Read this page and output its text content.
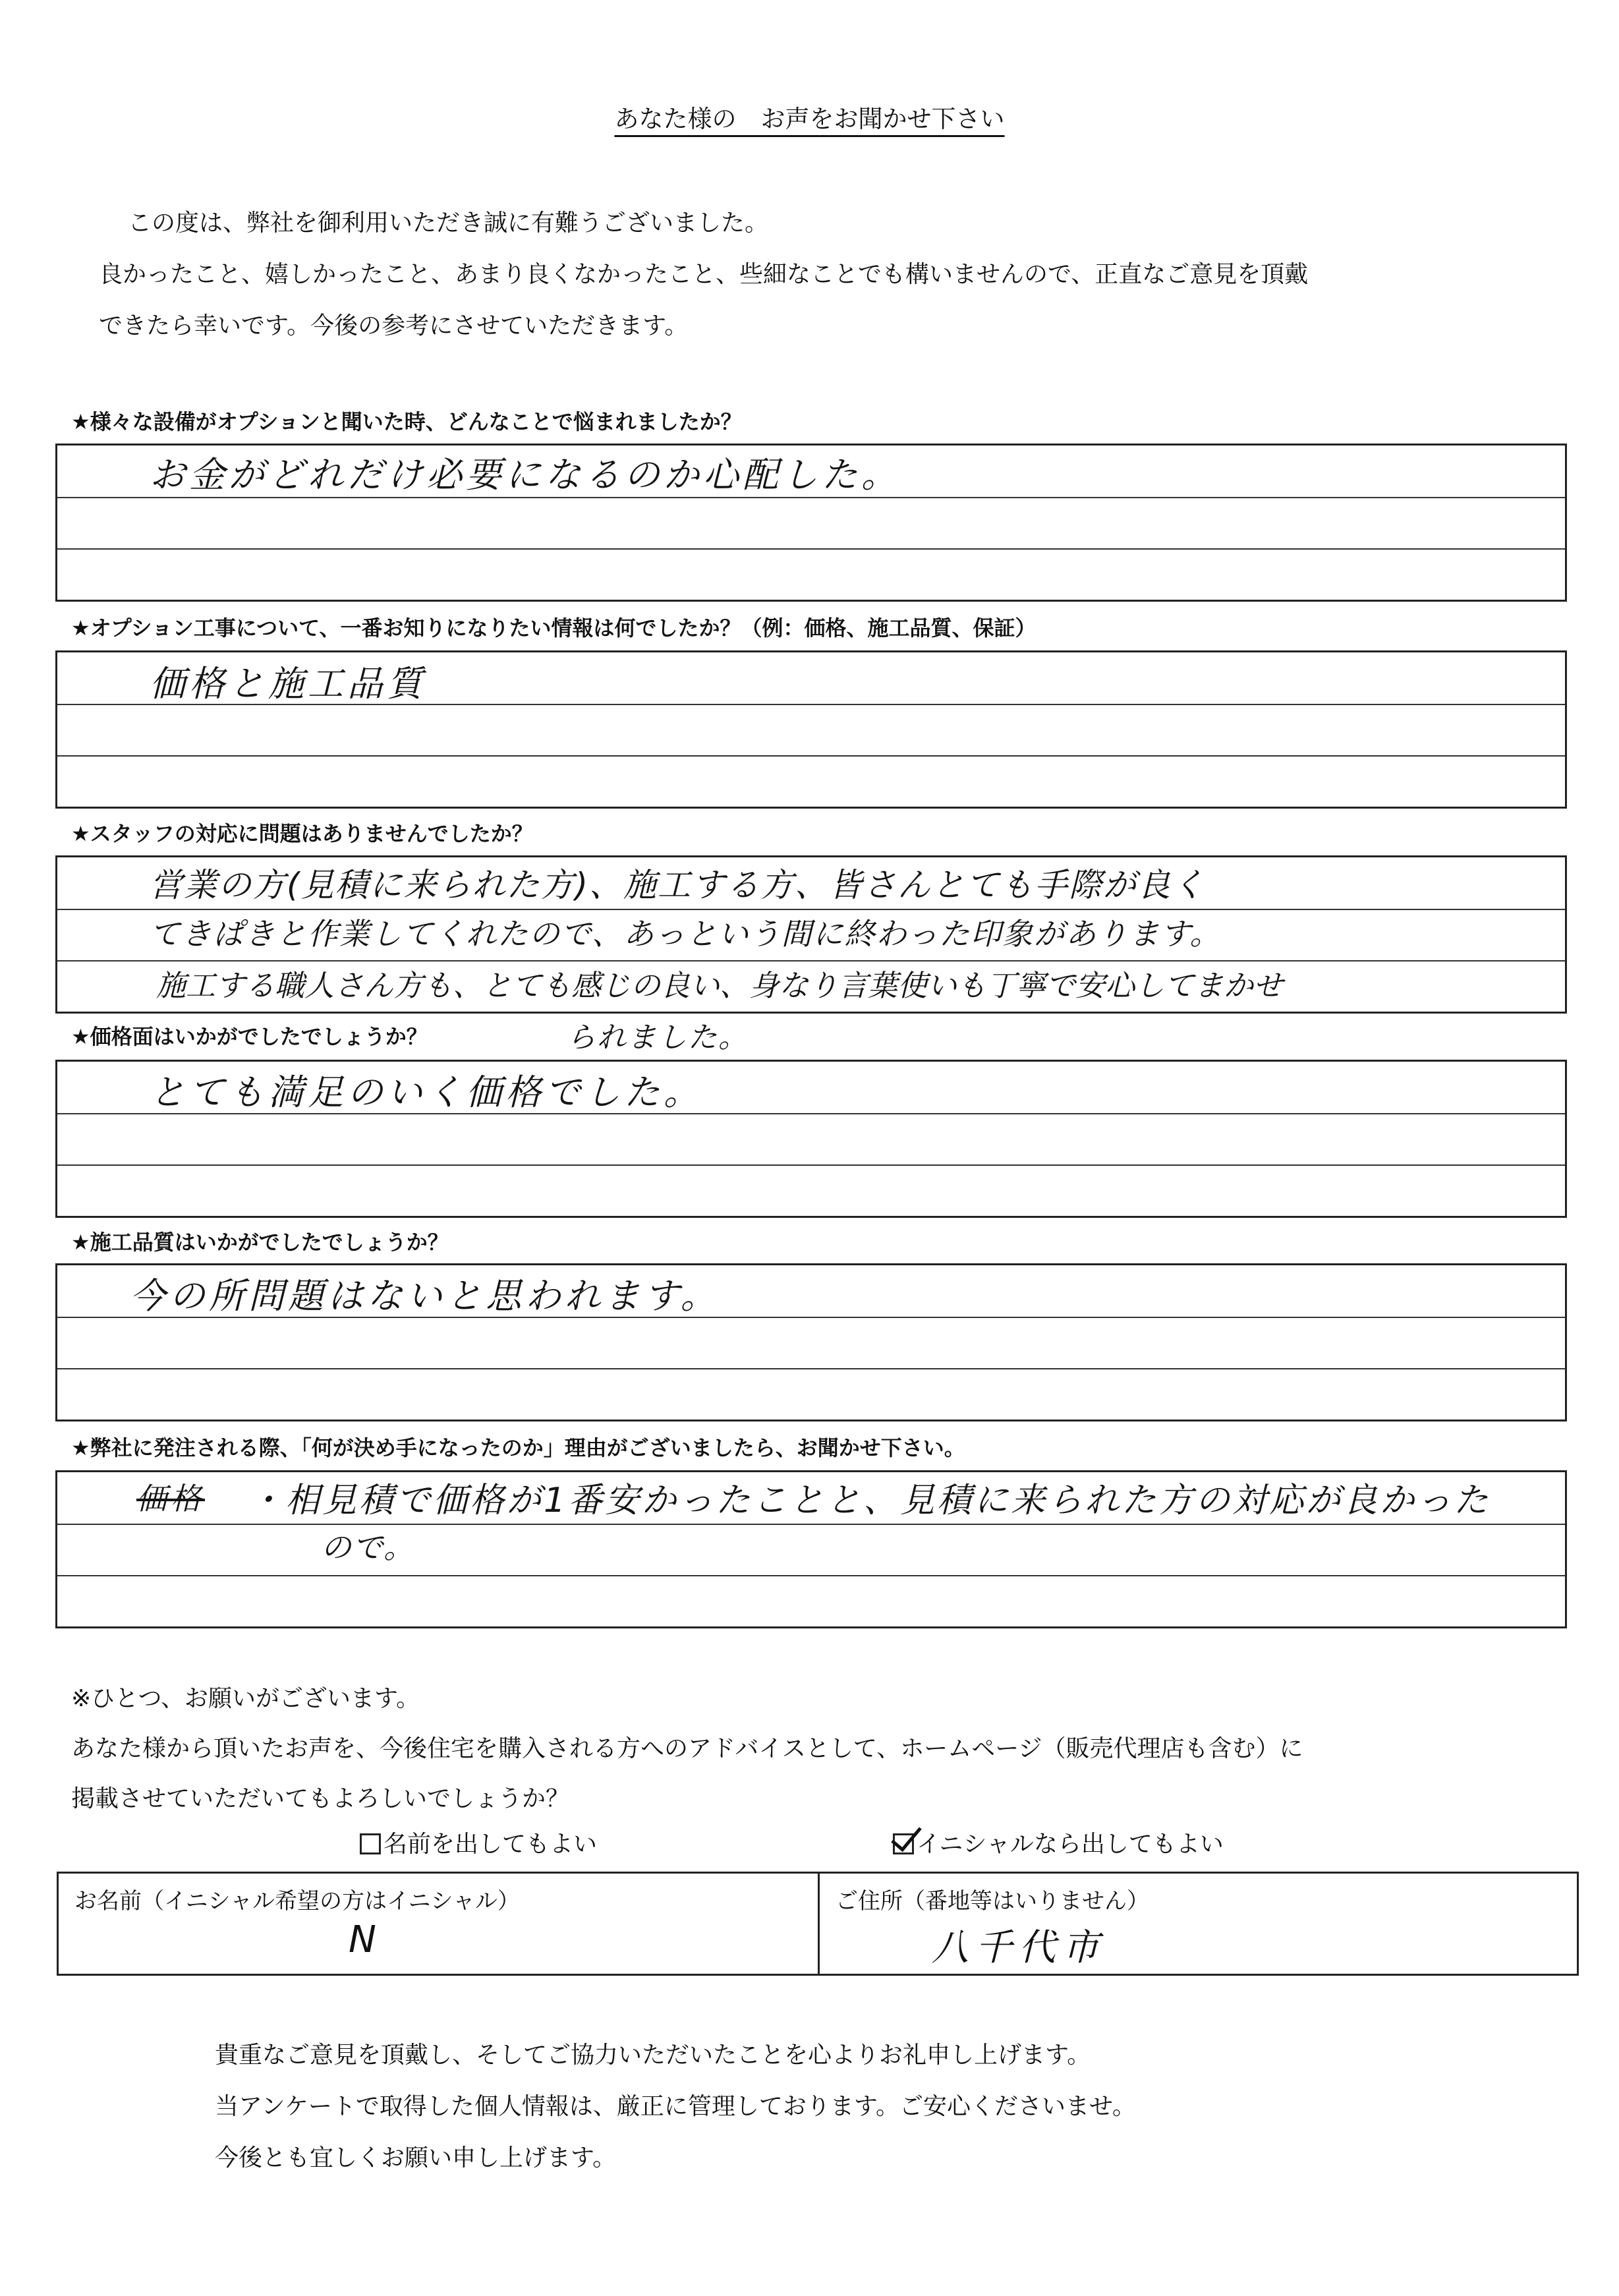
あなた様の　お声をお聞かせ下さい
この度は、弊社を御利用いただき誠に有難うございました。
良かったこと、嬉しかったこと、あまり良くなかったこと、些細なことでも構いませんので、正直なご意見を頂戴
できたら幸いです。今後の参考にさせていただきます。
★様々な設備がオプションと聞いた時、どんなことで悩まれましたか？
お金がどれだけ必要になるのか心配した。
★オプション工事について、一番お知りになりたい情報は何でしたか？（例：価格、施工品質、保証）
価格と施工品質
★スタッフの対応に問題はありませんでしたか？
営業の方(見積に来られた方)、施工する方、皆さんとても手際が良く
てきぱきと作業してくれたので、あっという間に終わった印象があります。
施工する職人さん方も、とても感じの良い、身なり言葉使いも丁寧で安心してまかせ
られました。
★価格面はいかがでしたでしょうか？
とても満足のいく価格でした。
★施工品質はいかがでしたでしょうか？
今の所問題はないと思われます。
★弊社に発注される際、「何が決め手になったのか」理由がございましたら、お聞かせ下さい。
価格 ・相見積で価格が1番安かったことと、見積に来られた方の対応が良かった
ので。
※ひとつ、お願いがございます。
あなた様から頂いたお声を、今後住宅を購入される方へのアドバイスとして、ホームページ（販売代理店も含む）に
掲載させていただいてもよろしいでしょうか？
名前を出してもよい	イニシャルなら出してもよい
お名前（イニシャル希望の方はイニシャル）
N
ご住所（番地等はいりません）
八千代市
貴重なご意見を頂戴し、そしてご協力いただいたことを心よりお礼申し上げます。
当アンケートで取得した個人情報は、厳正に管理しております。ご安心くださいませ。
今後とも宜しくお願い申し上げます。
